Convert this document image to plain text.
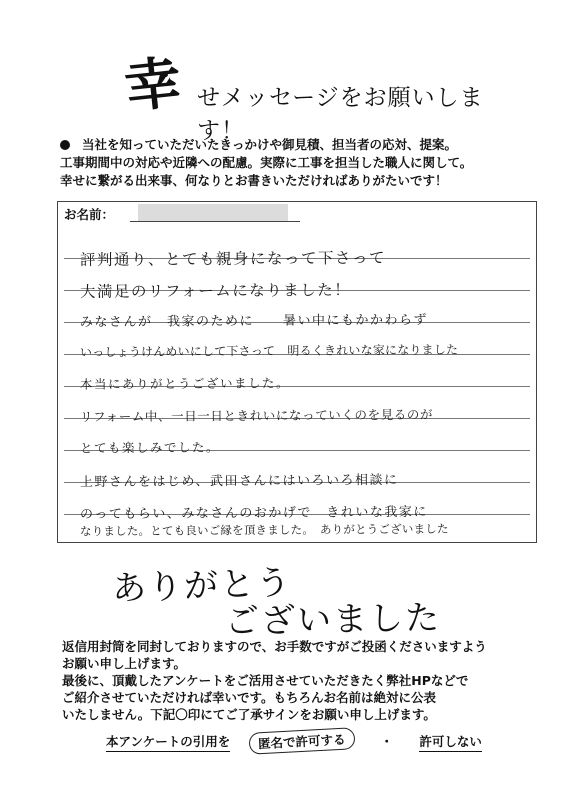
幸 せメッセージをお願いします！

当社を知っていただいたきっかけや御見積、担当者の応対、提案。

工事期間中の対応や近隣への配慮。実際に工事を担当した職人に関して。

幸せに繋がる出来事、何なりとお書きいただければありがたいです！

お名前：
評判通り、とても親身になって下さって
大満足のリフォームになりました！
みなさんが　我家のために　　暑い中にもかかわらず
いっしょうけんめいにして下さって　明るくきれいな家になりました
本当にありがとうございました。
リフォーム中、一日一日ときれいになっていくのを見るのが
とても楽しみでした。
上野さんをはじめ、武田さんにはいろいろ相談に
のってもらい、みなさんのおかげで　きれいな我家に
なりました。とても良いご縁を頂きました。　ありがとうございました
ありがとう
ございました

返信用封筒を同封しておりますので、お手数ですがご投函くださいますよう

お願い申し上げます。

最後に、頂戴したアンケートをご活用させていただきたく弊社HPなどで

ご紹介させていただければ幸いです。もちろんお名前は絶対に公表

いたしません。下記〇印にてご了承サインをお願い申し上げます。

本アンケートの引用を 匿名で許可する	・ 許可しない
